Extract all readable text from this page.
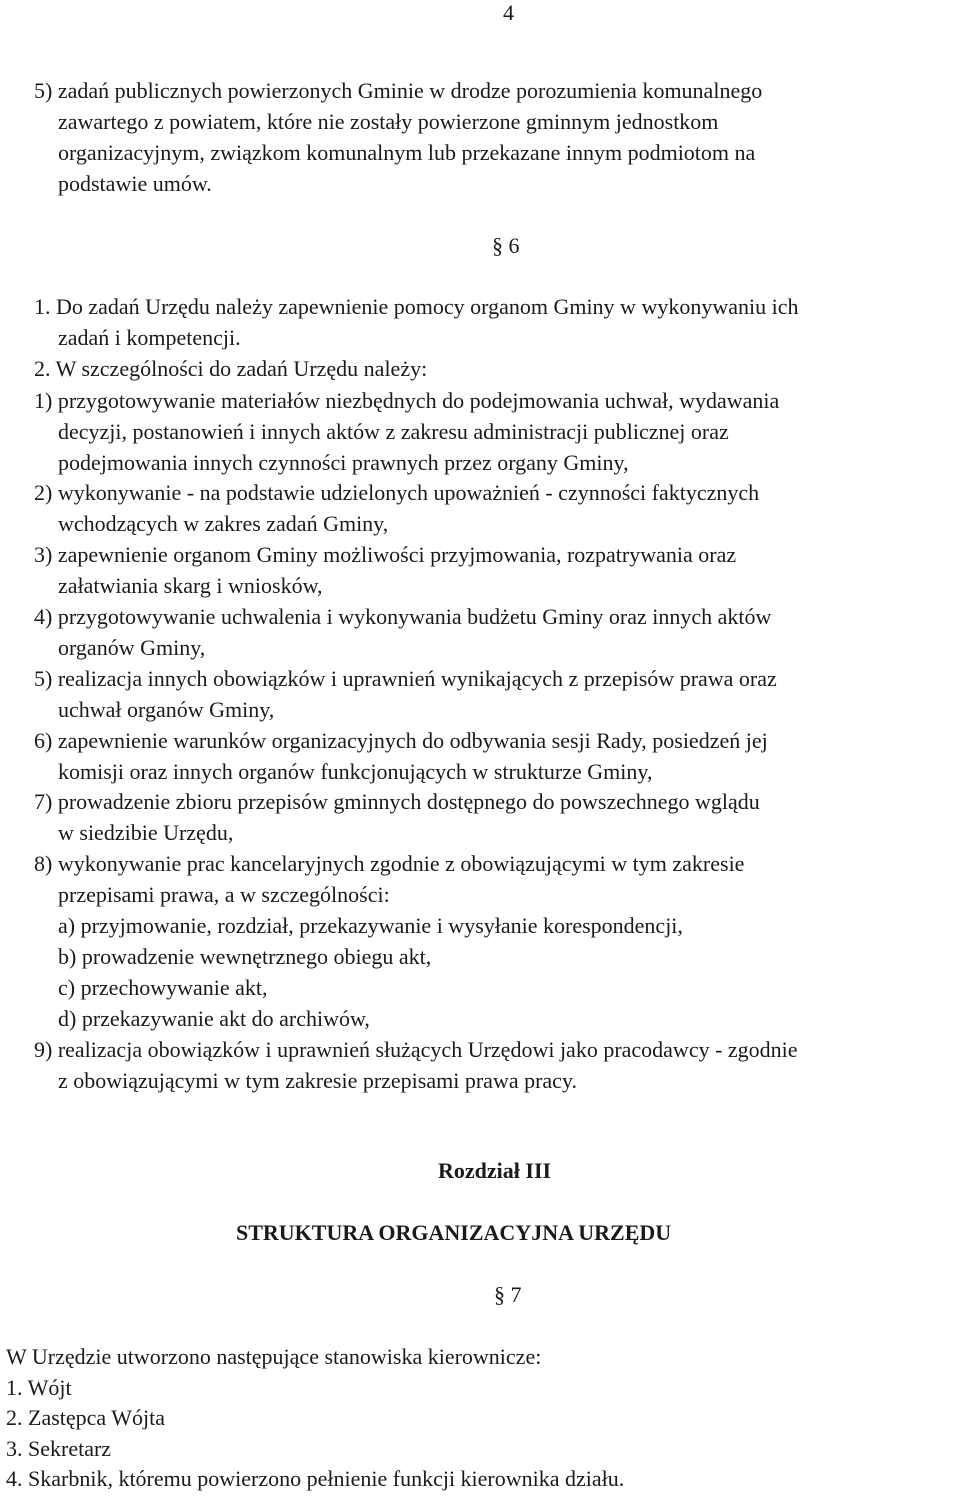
4
5) zadań publicznych powierzonych Gminie w drodze porozumienia komunalnego
zawartego z powiatem, które nie zostały powierzone gminnym jednostkom
organizacyjnym, związkom komunalnym lub przekazane innym podmiotom na
podstawie umów.
§ 6
1. Do zadań Urzędu należy zapewnienie pomocy organom Gminy w wykonywaniu ich
zadań i kompetencji.
2. W szczególności do zadań Urzędu należy:
1) przygotowywanie materiałów niezbędnych do podejmowania uchwał, wydawania
decyzji, postanowień i innych aktów z zakresu administracji publicznej oraz
podejmowania innych czynności prawnych przez organy Gminy,
2) wykonywanie - na podstawie udzielonych upoważnień - czynności faktycznych
wchodzących w zakres zadań Gminy,
3) zapewnienie organom Gminy możliwości przyjmowania, rozpatrywania oraz
załatwiania skarg i wniosków,
4) przygotowywanie uchwalenia i wykonywania budżetu Gminy oraz innych aktów
organów Gminy,
5) realizacja innych obowiązków i uprawnień wynikających z przepisów prawa oraz
uchwał organów Gminy,
6) zapewnienie warunków organizacyjnych do odbywania sesji Rady, posiedzeń jej
komisji oraz innych organów funkcjonujących w strukturze Gminy,
7) prowadzenie zbioru przepisów gminnych dostępnego do powszechnego wglądu
w siedzibie Urzędu,
8) wykonywanie prac kancelaryjnych zgodnie z obowiązującymi w tym zakresie
przepisami prawa, a w szczególności:
a) przyjmowanie, rozdział, przekazywanie i wysyłanie korespondencji,
b) prowadzenie wewnętrznego obiegu akt,
c) przechowywanie akt,
d) przekazywanie akt do archiwów,
9) realizacja obowiązków i uprawnień służących Urzędowi jako pracodawcy - zgodnie
z obowiązującymi w tym zakresie przepisami prawa pracy.
Rozdział III
STRUKTURA ORGANIZACYJNA URZĘDU
§ 7
W Urzędzie utworzono następujące stanowiska kierownicze:
1. Wójt
2. Zastępca Wójta
3. Sekretarz
4. Skarbnik, któremu powierzono pełnienie funkcji kierownika działu.
